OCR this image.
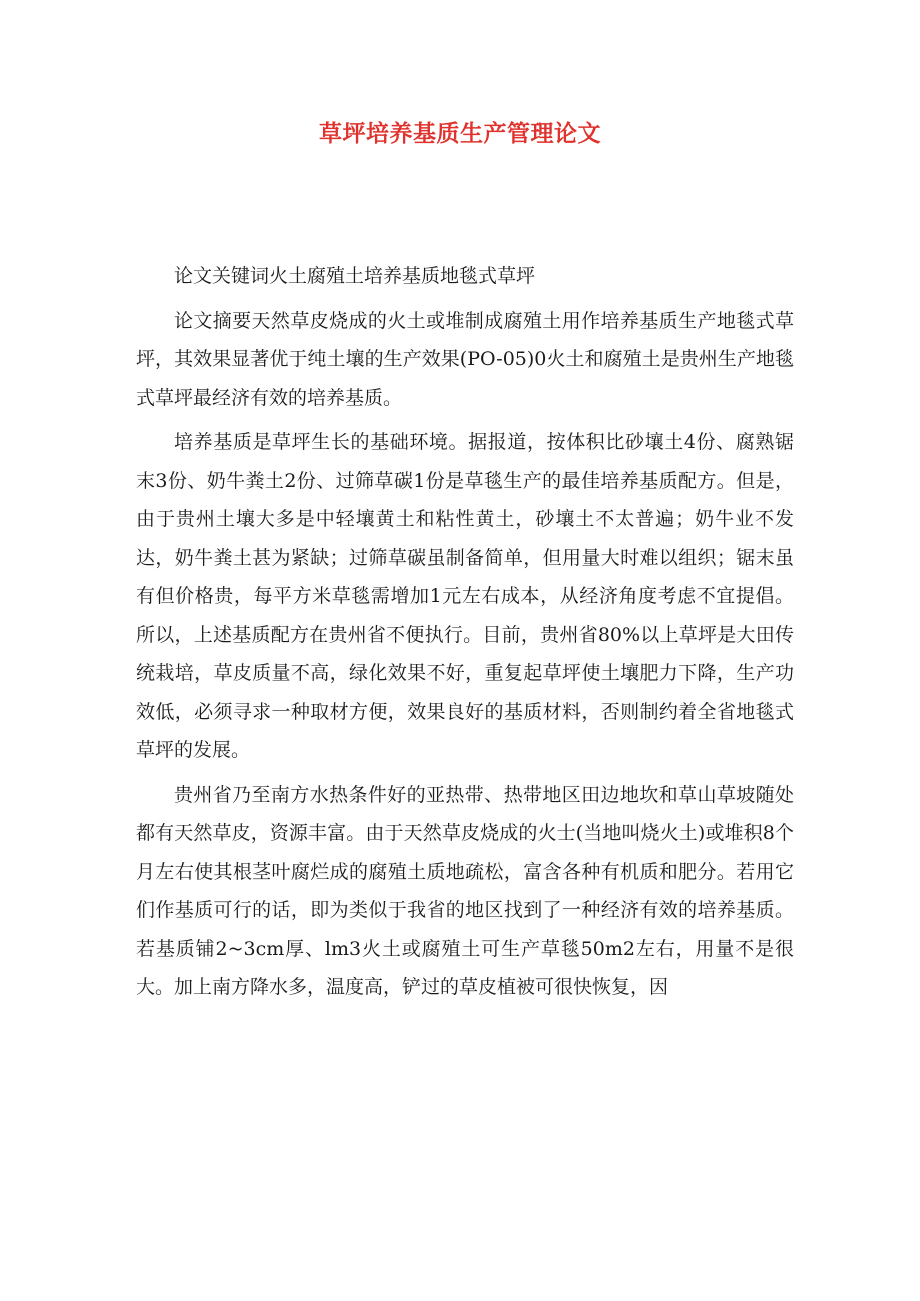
草坪培养基质生产管理论文

论文关键词火土腐殖土培养基质地毯式草坪

论文摘要天然草皮烧成的火土或堆制成腐殖土用作培养基质生产地毯式草坪，其效果显著优于纯土壤的生产效果(PO-05)0火土和腐殖土是贵州生产地毯式草坪最经济有效的培养基质。

培养基质是草坪生长的基础环境。据报道，按体积比砂壤土4份、腐熟锯末3份、奶牛粪土2份、过筛草碳1份是草毯生产的最佳培养基质配方。但是，由于贵州土壤大多是中轻壤黄土和粘性黄土，砂壤土不太普遍；奶牛业不发达，奶牛粪土甚为紧缺；过筛草碳虽制备简单，但用量大时难以组织；锯末虽有但价格贵，每平方米草毯需增加1元左右成本，从经济角度考虑不宜提倡。所以，上述基质配方在贵州省不便执行。目前，贵州省80%以上草坪是大田传统栽培，草皮质量不高，绿化效果不好，重复起草坪使土壤肥力下降，生产功效低，必须寻求一种取材方便，效果良好的基质材料，否则制约着全省地毯式草坪的发展。

贵州省乃至南方水热条件好的亚热带、热带地区田边地坎和草山草坡随处都有天然草皮，资源丰富。由于天然草皮烧成的火士(当地叫烧火土)或堆积8个月左右使其根茎叶腐烂成的腐殖土质地疏松，富含各种有机质和肥分。若用它们作基质可行的话，即为类似于我省的地区找到了一种经济有效的培养基质。若基质铺2~3cm厚、lm3火土或腐殖土可生产草毯50m2左右，用量不是很大。加上南方降水多，温度高，铲过的草皮植被可很快恢复，因
